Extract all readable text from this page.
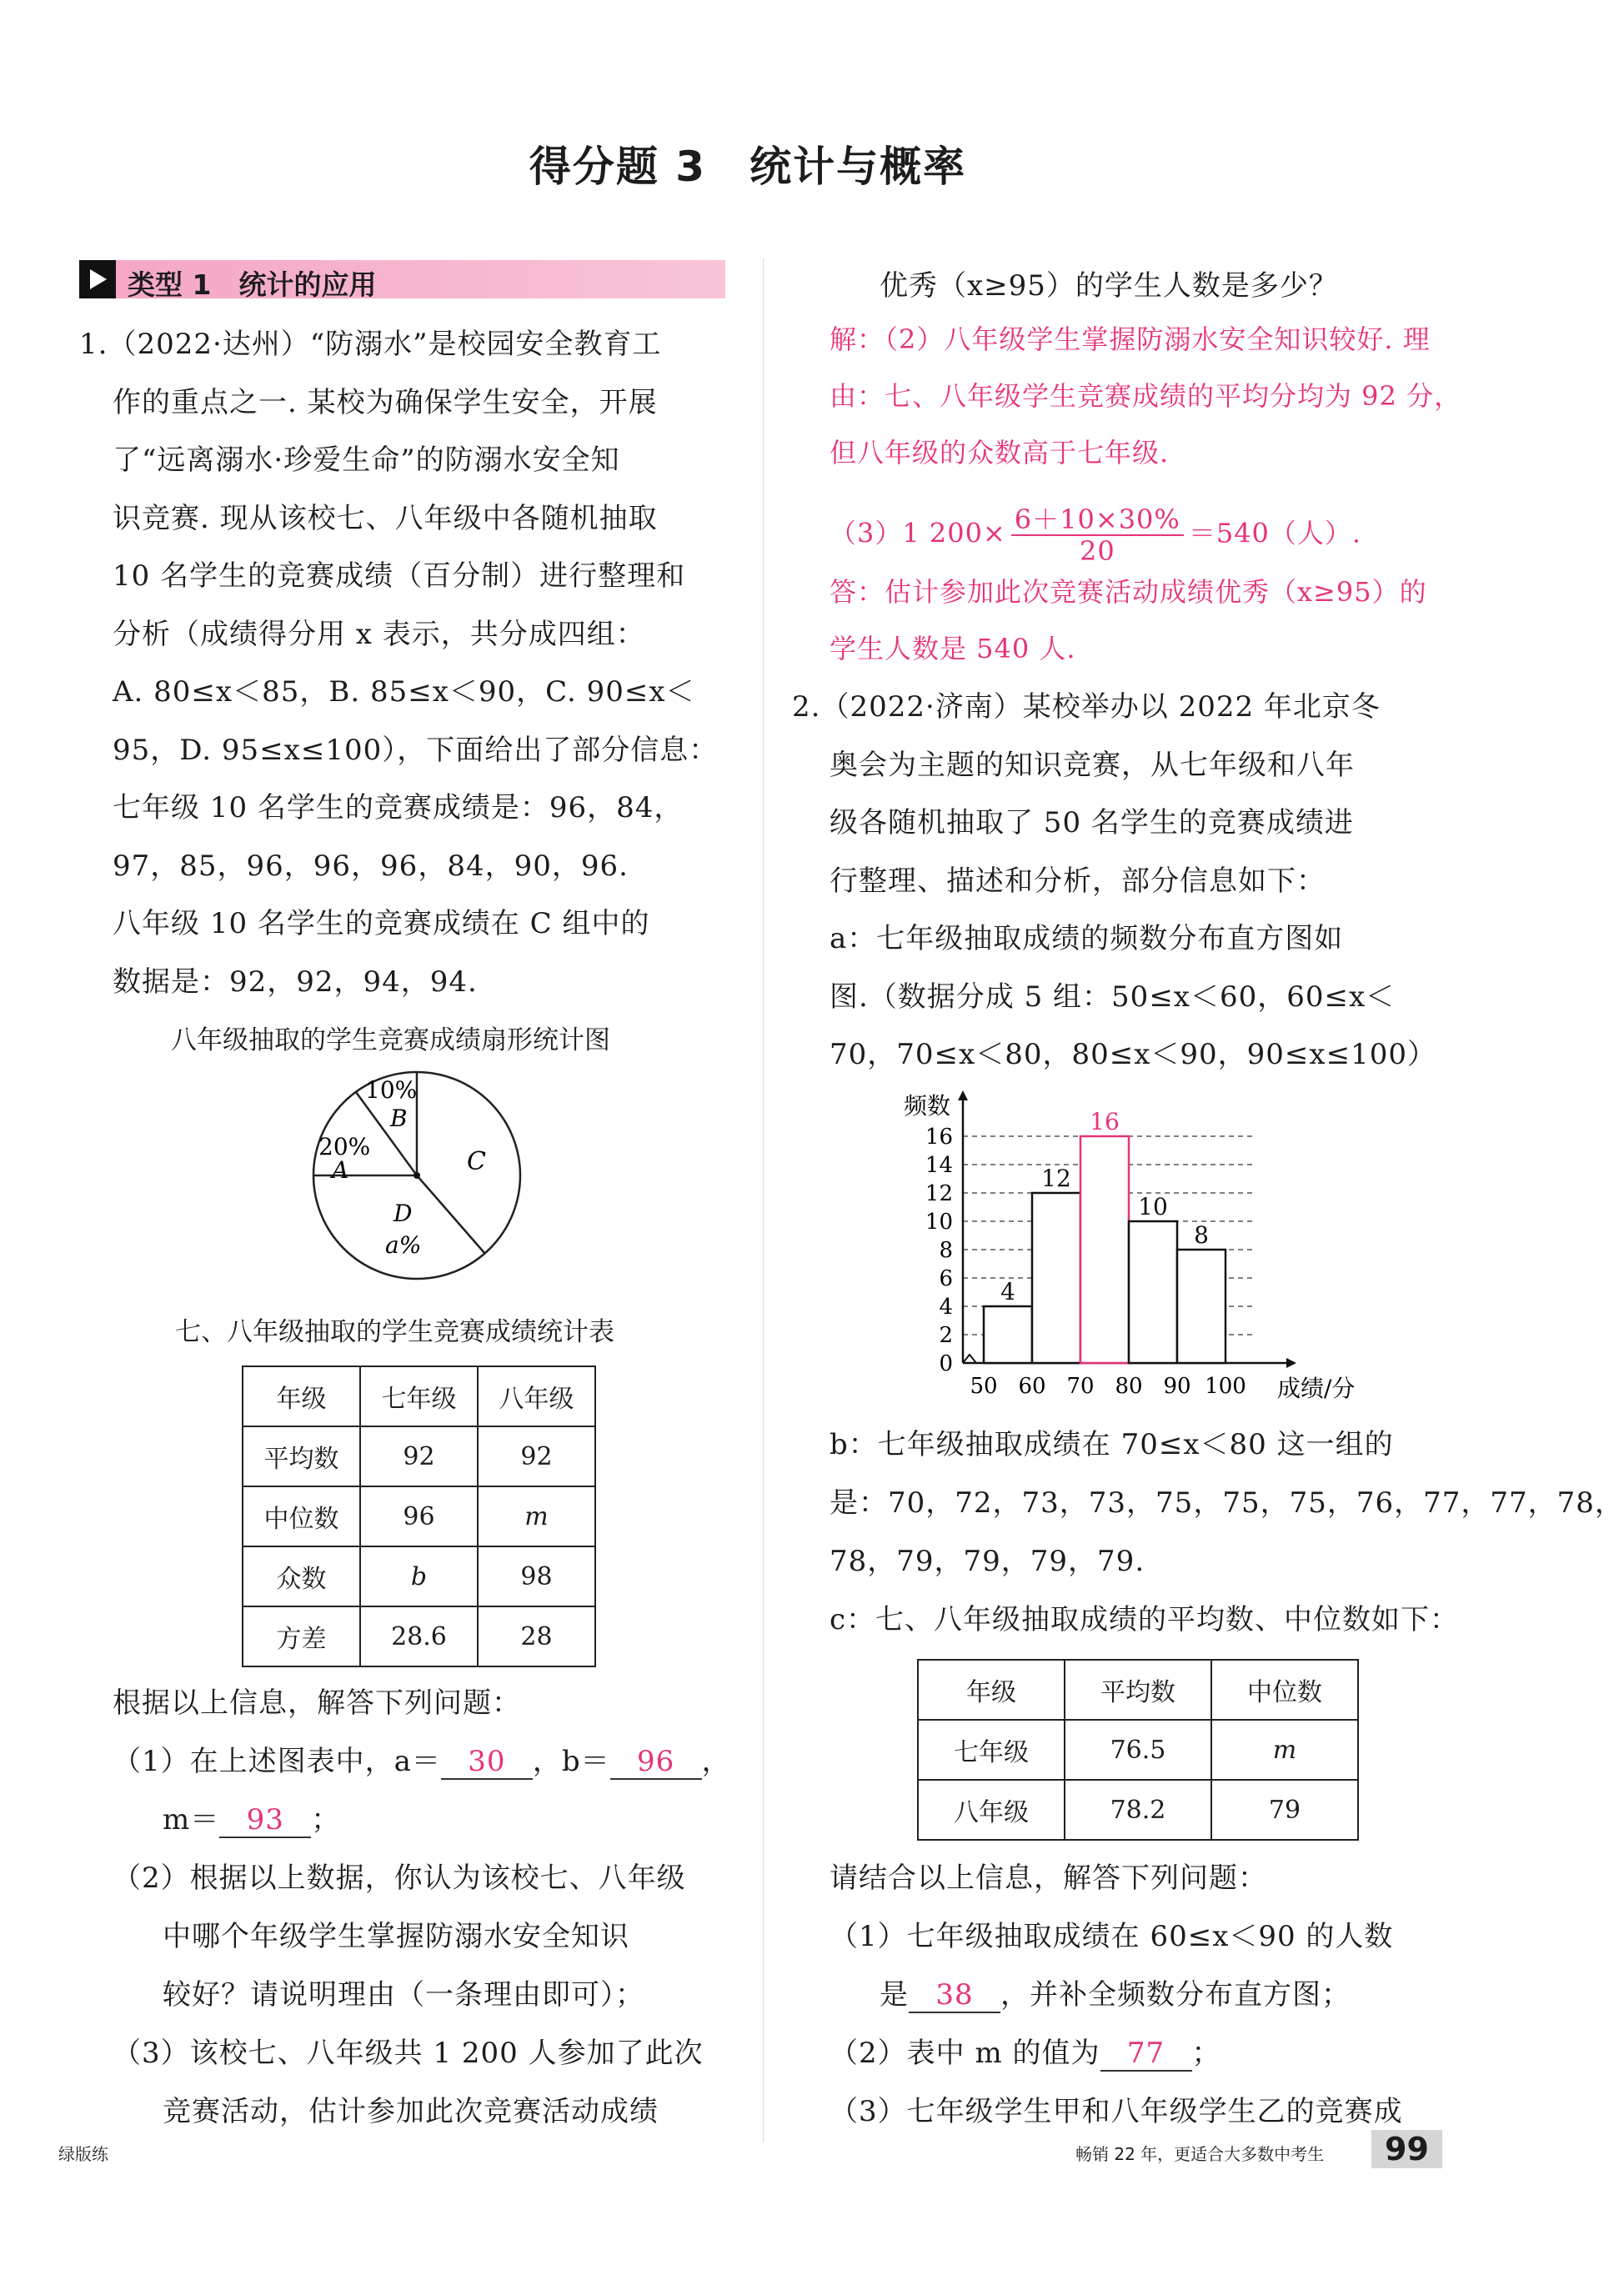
得分题 3　统计与概率
类型 1　统计的应用
1.（2022·达州）“防溺水”是校园安全教育工
作的重点之一. 某校为确保学生安全，开展
了“远离溺水·珍爱生命”的防溺水安全知
识竞赛. 现从该校七、八年级中各随机抽取
10 名学生的竞赛成绩（百分制）进行整理和
分析（成绩得分用 x 表示，共分成四组：
A. 80≤x＜85，B. 85≤x＜90，C. 90≤x＜
95，D. 95≤x≤100），下面给出了部分信息：
七年级 10 名学生的竞赛成绩是：96，84，
97，85，96，96，96，84，90，96.
八年级 10 名学生的竞赛成绩在 C 组中的
数据是：92，92，94，94.
八年级抽取的学生竞赛成绩扇形统计图
10%
B
20%
A	C
D
a%
七、八年级抽取的学生竞赛成绩统计表
年级	七年级	八年级
平均数	92	92
中位数	96	m
众数	b	98
方差	28.6	28
根据以上信息，解答下列问题：
（1）在上述图表中，a＝ 30 ，b＝ 96 ，
m＝ 93 ；
（2）根据以上数据，你认为该校七、八年级
中哪个年级学生掌握防溺水安全知识
较好？请说明理由（一条理由即可）；
（3）该校七、八年级共 1 200 人参加了此次
竞赛活动，估计参加此次竞赛活动成绩
优秀（x≥95）的学生人数是多少？
解：（2）八年级学生掌握防溺水安全知识较好. 理
由：七、八年级学生竞赛成绩的平均分均为 92 分，
但八年级的众数高于七年级.
（3）1 $200\times \frac{6+10\times 30\%}{20} =540$（人）.
答：估计参加此次竞赛活动成绩优秀（x≥95）的
学生人数是 540 人.
2.（2022·济南）某校举办以 2022 年北京冬
奥会为主题的知识竞赛，从七年级和八年
级各随机抽取了 50 名学生的竞赛成绩进
行整理、描述和分析，部分信息如下：
a：七年级抽取成绩的频数分布直方图如
图.（数据分成 5 组：50≤x＜60，60≤x＜
70，70≤x＜80，80≤x＜90，90≤x≤100）
频数
成绩/分
4
12
16
10
8
0
2
4
6
8
10
12
14
16
50 60 70 80 90 100
b：七年级抽取成绩在 70≤x＜80 这一组的
是：70，72，73，73，75，75，75，76，77，77，78，
78，79，79，79，79.
c：七、八年级抽取成绩的平均数、中位数如下：
年级	平均数	中位数
七年级	76.5	m
八年级	78.2	79
请结合以上信息，解答下列问题：
（1）七年级抽取成绩在 60≤x＜90 的人数
是 38 ，并补全频数分布直方图；
（2）表中 m 的值为 77 ；
（3）七年级学生甲和八年级学生乙的竞赛成
绿版练	畅销 22 年，更适合大多数中考生	99
